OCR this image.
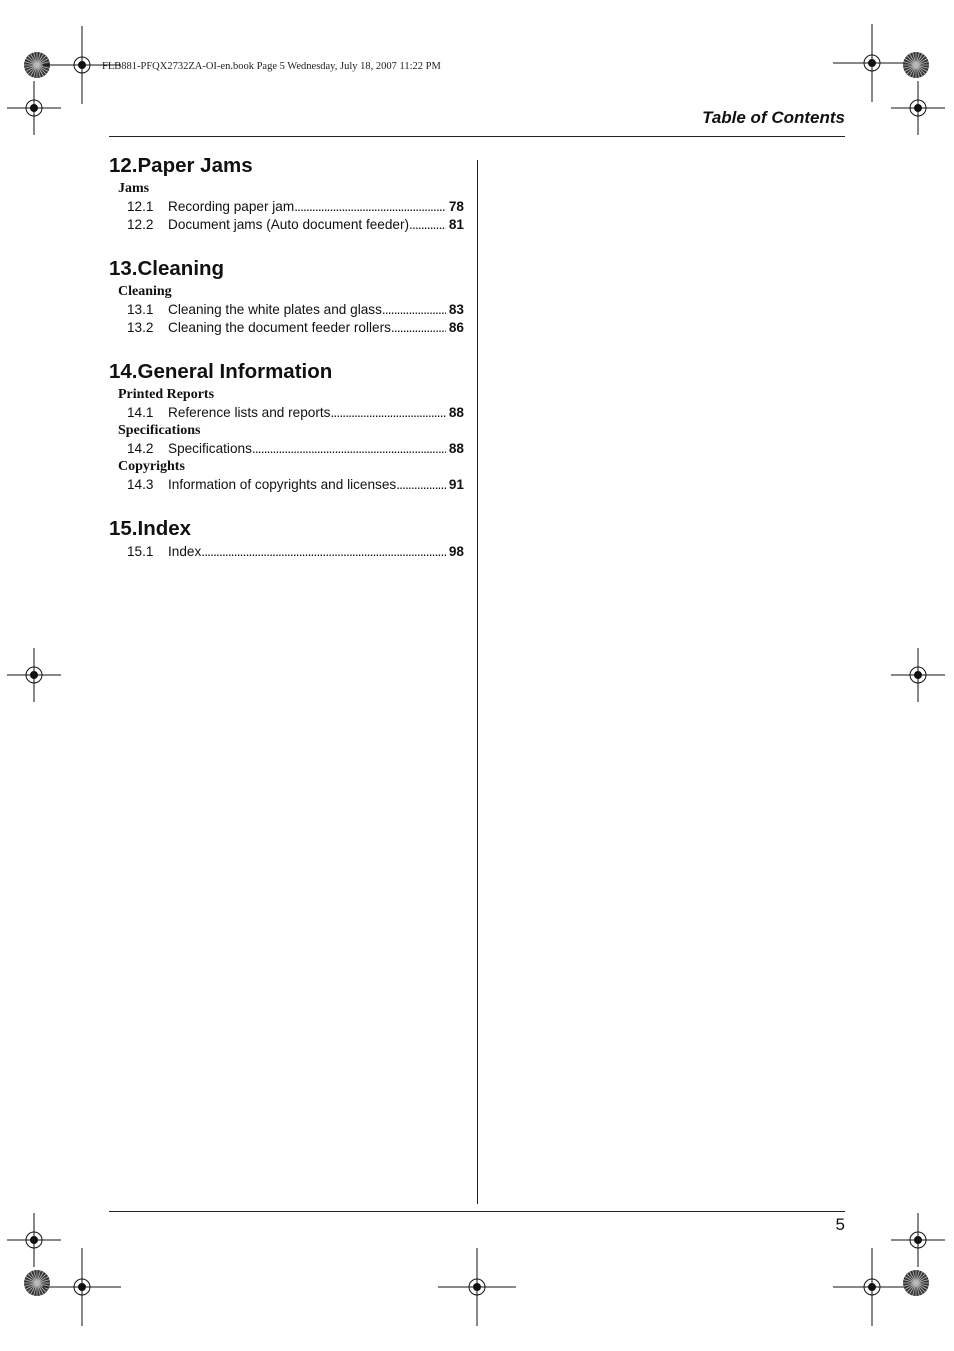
FLB881-PFQX2732ZA-OI-en.book Page 5 Wednesday, July 18, 2007 11:22 PM
Table of Contents
5
12.Paper Jams
Jams
12.1	Recording paper jam . . .	78
12.2	Document jams (Auto document feeder) . . .	81
13.Cleaning
Cleaning
13.1	Cleaning the white plates and glass . . .	83
13.2	Cleaning the document feeder rollers . . .	86
14.General Information
Printed Reports
14.1	Reference lists and reports . . .	88
Specifications
14.2	Specifications . . .	88
Copyrights
14.3	Information of copyrights and licenses . . .	91
15.Index
15.1	Index . . .	98
